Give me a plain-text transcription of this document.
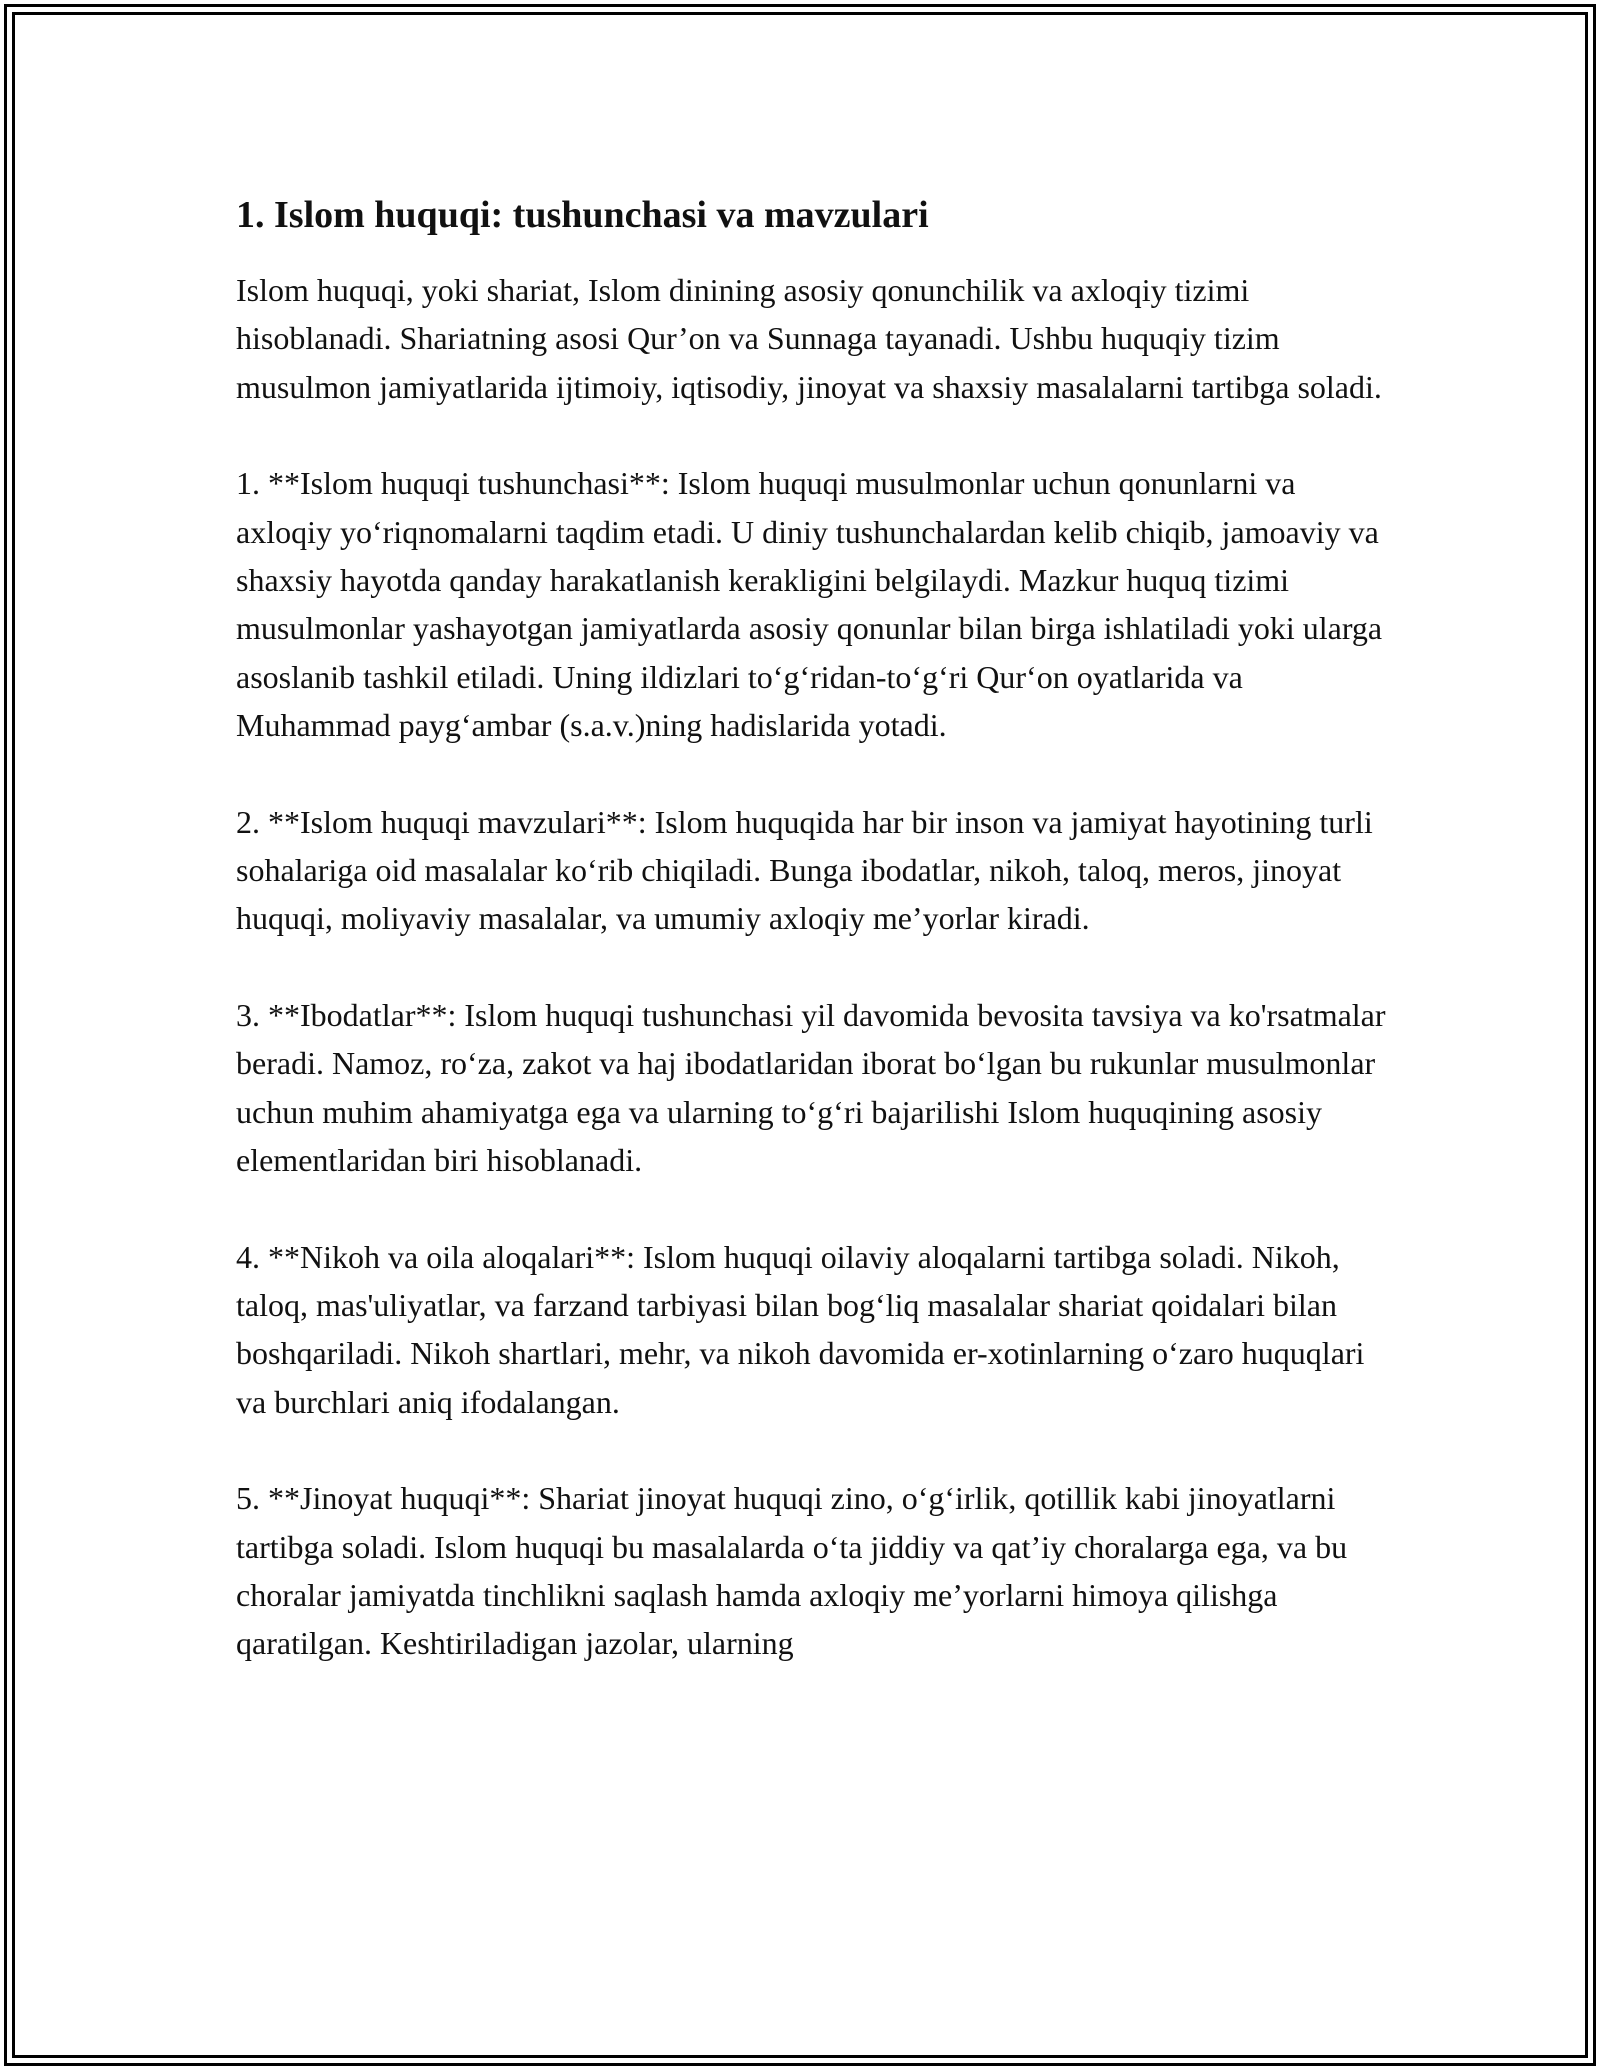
1. Islom huquqi: tushunchasi va mavzulari

Islom huquqi, yoki shariat, Islom dinining asosiy qonunchilik va axloqiy tizimi hisoblanadi. Shariatning asosi Qur’on va Sunnaga tayanadi. Ushbu huquqiy tizim musulmon jamiyatlarida ijtimoiy, iqtisodiy, jinoyat va shaxsiy masalalarni tartibga soladi.

1. **Islom huquqi tushunchasi**: Islom huquqi musulmonlar uchun qonunlarni va axloqiy yo‘riqnomalarni taqdim etadi. U diniy tushunchalardan kelib chiqib, jamoaviy va shaxsiy hayotda qanday harakatlanish kerakligini belgilaydi. Mazkur huquq tizimi musulmonlar yashayotgan jamiyatlarda asosiy qonunlar bilan birga ishlatiladi yoki ularga asoslanib tashkil etiladi. Uning ildizlari to‘g‘ridan-to‘g‘ri Qur‘on oyatlarida va Muhammad payg‘ambar (s.a.v.)ning hadislarida yotadi.

2. **Islom huquqi mavzulari**: Islom huquqida har bir inson va jamiyat hayotining turli sohalariga oid masalalar ko‘rib chiqiladi. Bunga ibodatlar, nikoh, taloq, meros, jinoyat huquqi, moliyaviy masalalar, va umumiy axloqiy me’yorlar kiradi.

3. **Ibodatlar**: Islom huquqi tushunchasi yil davomida bevosita tavsiya va ko'rsatmalar beradi. Namoz, ro‘za, zakot va haj ibodatlaridan iborat bo‘lgan bu rukunlar musulmonlar uchun muhim ahamiyatga ega va ularning to‘g‘ri bajarilishi Islom huquqining asosiy elementlaridan biri hisoblanadi.

4. **Nikoh va oila aloqalari**: Islom huquqi oilaviy aloqalarni tartibga soladi. Nikoh, taloq, mas'uliyatlar, va farzand tarbiyasi bilan bog‘liq masalalar shariat qoidalari bilan boshqariladi. Nikoh shartlari, mehr, va nikoh davomida er-xotinlarning o‘zaro huquqlari va burchlari aniq ifodalangan.

5. **Jinoyat huquqi**: Shariat jinoyat huquqi zino, o‘g‘irlik, qotillik kabi jinoyatlarni tartibga soladi. Islom huquqi bu masalalarda o‘ta jiddiy va qat’iy choralarga ega, va bu choralar jamiyatda tinchlikni saqlash hamda axloqiy me’yorlarni himoya qilishga qaratilgan. Keshtiriladigan jazolar, ularning
